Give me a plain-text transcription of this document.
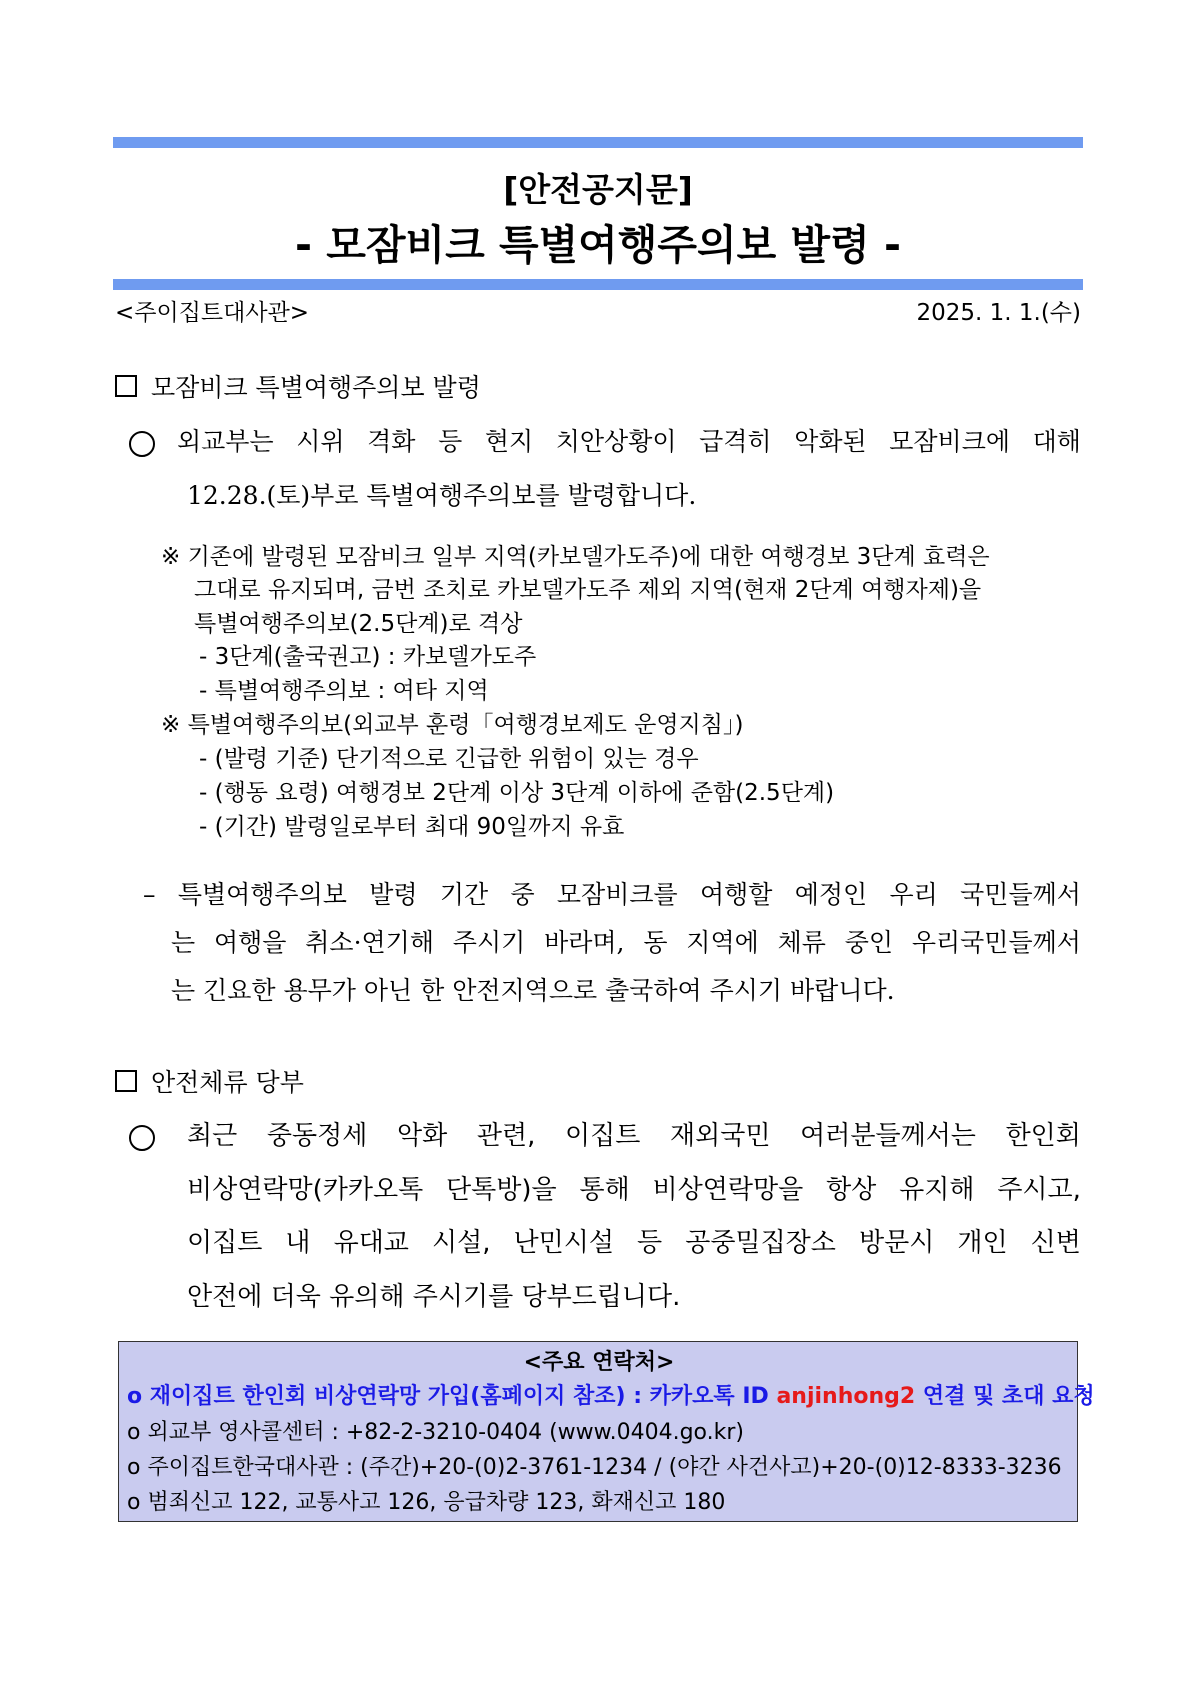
[안전공지문]
- 모잠비크 특별여행주의보 발령 -
<주이집트대사관>	2025. 1. 1.(수)
모잠비크 특별여행주의보 발령
외교부는 시위 격화 등 현지 치안상황이 급격히 악화된 모잠비크에 대해
12.28.(토)부로 특별여행주의보를 발령합니다.
※ 기존에 발령된 모잠비크 일부 지역(카보델가도주)에 대한 여행경보 3단계 효력은
그대로 유지되며, 금번 조치로 카보델가도주 제외 지역(현재 2단계 여행자제)을
특별여행주의보(2.5단계)로 격상
- 3단계(출국권고) : 카보델가도주
- 특별여행주의보 : 여타 지역
※ 특별여행주의보(외교부 훈령「여행경보제도 운영지침」)
- (발령 기준) 단기적으로 긴급한 위험이 있는 경우
- (행동 요령) 여행경보 2단계 이상 3단계 이하에 준함(2.5단계)
- (기간) 발령일로부터 최대 90일까지 유효
– 특별여행주의보 발령 기간 중 모잠비크를 여행할 예정인 우리 국민들께서
는 여행을 취소·연기해 주시기 바라며, 동 지역에 체류 중인 우리국민들께서
는 긴요한 용무가 아닌 한 안전지역으로 출국하여 주시기 바랍니다.
안전체류 당부
최근 중동정세 악화 관련, 이집트 재외국민 여러분들께서는 한인회
비상연락망(카카오톡 단톡방)을 통해 비상연락망을 항상 유지해 주시고,
이집트 내 유대교 시설, 난민시설 등 공중밀집장소 방문시 개인 신변
안전에 더욱 유의해 주시기를 당부드립니다.
<주요 연락처>
o 재이집트 한인회 비상연락망 가입(홈페이지 참조) : 카카오톡 ID anjinhong2 연결 및 초대 요청
o 외교부 영사콜센터 : +82-2-3210-0404 (www.0404.go.kr)
o 주이집트한국대사관 : (주간)+20-(0)2-3761-1234 / (야간 사건사고)+20-(0)12-8333-3236
o 범죄신고 122, 교통사고 126, 응급차량 123, 화재신고 180
